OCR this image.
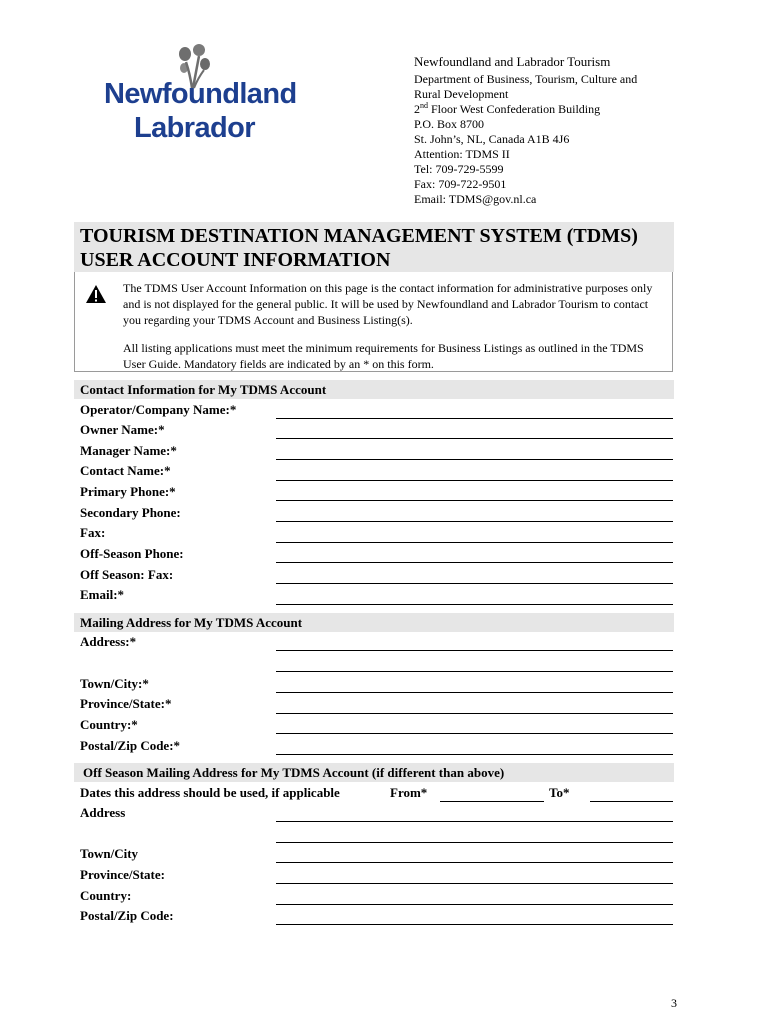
Newfoundland
Labrador
Newfoundland and Labrador Tourism
Department of Business, Tourism, Culture and
Rural Development
2nd Floor West Confederation Building
P.O. Box 8700
St. John’s, NL, Canada A1B 4J6
Attention: TDMS II
Tel: 709-729-5599
Fax: 709-722-9501
Email: TDMS@gov.nl.ca
TOURISM DESTINATION MANAGEMENT SYSTEM (TDMS)
USER ACCOUNT INFORMATION

The TDMS User Account Information on this page is the contact information for administrative purposes only and is not displayed for the general public. It will be used by Newfoundland and Labrador Tourism to contact you regarding your TDMS Account and Business Listing(s).

All listing applications must meet the minimum requirements for Business Listings as outlined in the TDMS User Guide. Mandatory fields are indicated by an * on this form.

Contact Information for My TDMS Account
Operator/Company Name:*
Owner Name:*
Manager Name:*
Contact Name:*
Primary Phone:*
Secondary Phone:
Fax:
Off-Season Phone:
Off Season: Fax:
Email:*
Mailing Address for My TDMS Account
Address:*
Town/City:*
Province/State:*
Country:*
Postal/Zip Code:*
Off Season Mailing Address for My TDMS Account (if different than above)
Dates this address should be used, if applicable	From*	To*
Address
Town/City
Province/State:
Country:
Postal/Zip Code:
3
